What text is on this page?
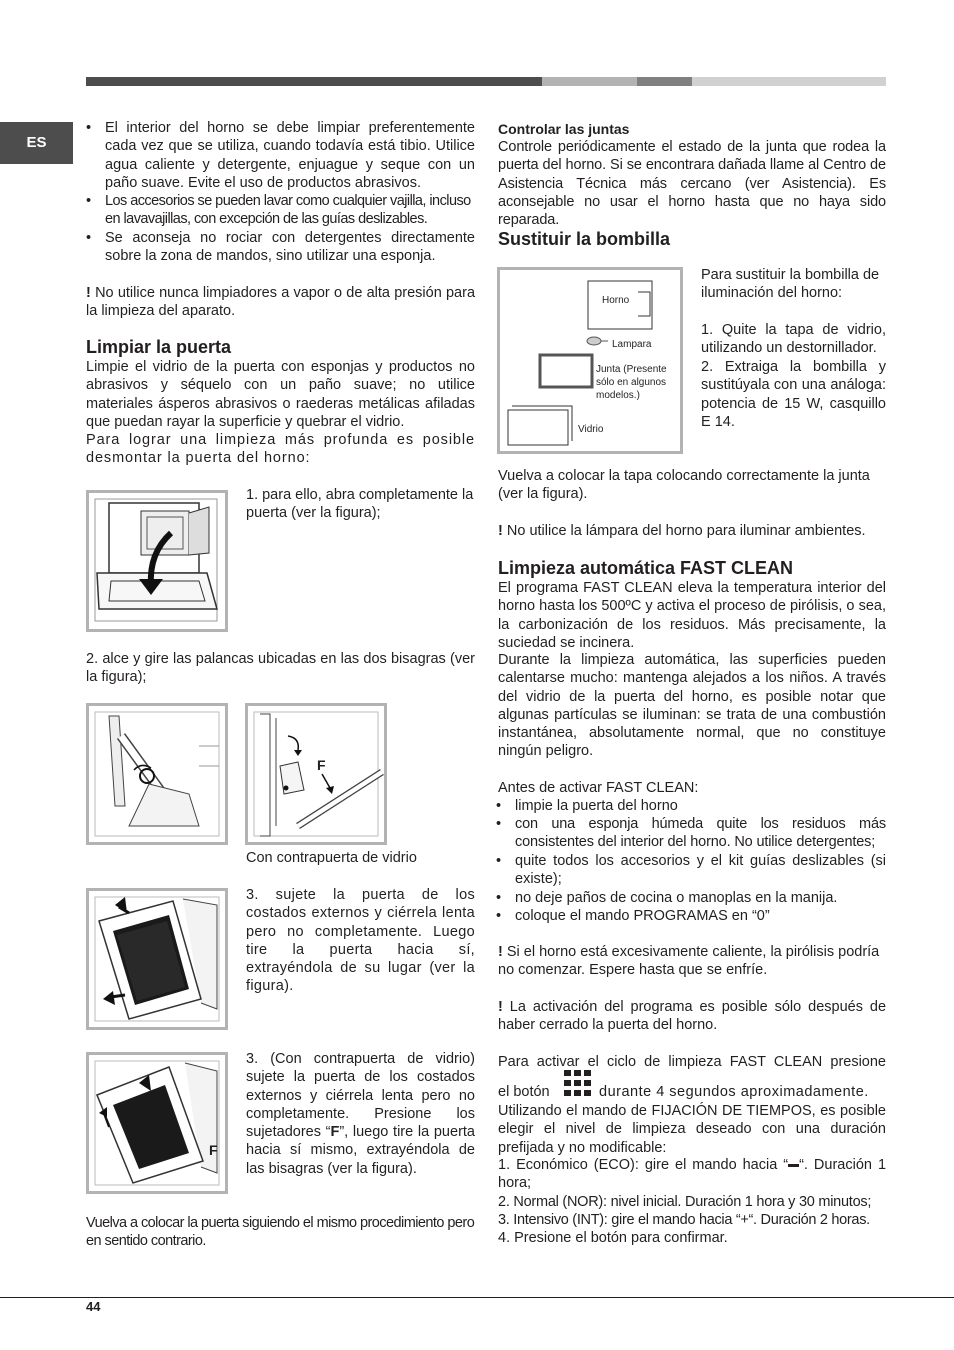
ES
• El interior del horno se debe limpiar preferentemente cada vez que se utiliza, cuando todavía está tibio. Utilice agua caliente y detergente, enjuague y seque con un paño suave. Evite el uso de productos abrasivos.
• Los accesorios se pueden lavar como cualquier vajilla, incluso en lavavajillas, con excepción de las guías deslizables.
• Se aconseja no rociar con detergentes directamente sobre la zona de mandos, sino utilizar una esponja.
! No utilice nunca limpiadores a vapor o de alta presión para la limpieza del aparato.
Limpiar la puerta
Limpie el vidrio de la puerta con esponjas y productos no abrasivos y séquelo con un paño suave; no utilice materiales ásperos abrasivos o raederas metálicas afiladas que puedan rayar la superficie y quebrar el vidrio.
Para lograr una limpieza más profunda es posible desmontar la puerta del horno:
1. para ello, abra completamente la puerta (ver la figura);
2. alce y gire las palancas ubicadas en las dos bisagras (ver la figura);
F
Con contrapuerta de vidrio
3. sujete la puerta de los costados externos y ciérrela lenta pero no completamente. Luego tire la puerta hacia sí, extrayéndola de su lugar (ver la figura).
F
3. (Con contrapuerta de vidrio) sujete la puerta de los costados externos y ciérrela lenta pero no completamente. Presione los sujetadores “F”, luego tire la puerta hacia sí mismo, extrayéndola de las bisagras (ver la figura).
Vuelva a colocar la puerta siguiendo el mismo procedimiento pero en sentido contrario.
Controlar las juntas
Controle periódicamente el estado de la junta que rodea la puerta del horno. Si se encontrara dañada llame al Centro de Asistencia Técnica más cercano (ver Asistencia). Es aconsejable no usar el horno hasta que no haya sido reparada.
Sustituir la bombilla
Horno
Lampara
Junta (Presente sólo en algunos modelos.)
Vidrio
Para sustituir la bombilla de iluminación del horno:
1. Quite la tapa de vidrio, utilizando un destornillador.
2. Extraiga la bombilla y sustitúyala con una análoga: potencia de 15 W, casquillo E 14.
Vuelva a colocar la tapa colocando correctamente la junta (ver la figura).
! No utilice la lámpara del horno para iluminar ambientes.
Limpieza automática FAST CLEAN
El programa FAST CLEAN eleva la temperatura interior del horno hasta los 500ºC y activa el proceso de pirólisis, o sea, la carbonización de los residuos. Más precisamente, la suciedad se incinera.
Durante la limpieza automática, las superficies pueden calentarse mucho: mantenga alejados a los niños. A través del vidrio de la puerta del horno, es posible notar que algunas partículas se iluminan: se trata de una combustión instantánea, absolutamente normal, que no constituye ningún peligro.
Antes de activar FAST CLEAN:
• limpie la puerta del horno
• con una esponja húmeda quite los residuos más consistentes del interior del horno. No utilice detergentes;
• quite todos los accesorios y el kit guías deslizables (si existe);
• no deje paños de cocina o manoplas en la manija.
• coloque el mando PROGRAMAS en “0”
! Si el horno está excesivamente caliente, la pirólisis podría no comenzar. Espere hasta que se enfríe.
! La activación del programa es posible sólo después de haber cerrado la puerta del horno.
Para activar el ciclo de limpieza FAST CLEAN presione
el botón	durante 4 segundos aproximadamente.
Utilizando el mando de FIJACIÓN DE TIEMPOS, es posible elegir el nivel de limpieza deseado con una duración prefijada y no modificable:
1. Económico (ECO): gire el mando hacia “ “. Duración 1 hora;
2. Normal (NOR): nivel inicial. Duración 1 hora y 30 minutos;
3. Intensivo (INT): gire el mando hacia “+“. Duración 2 horas.
4. Presione el botón para confirmar.
44
